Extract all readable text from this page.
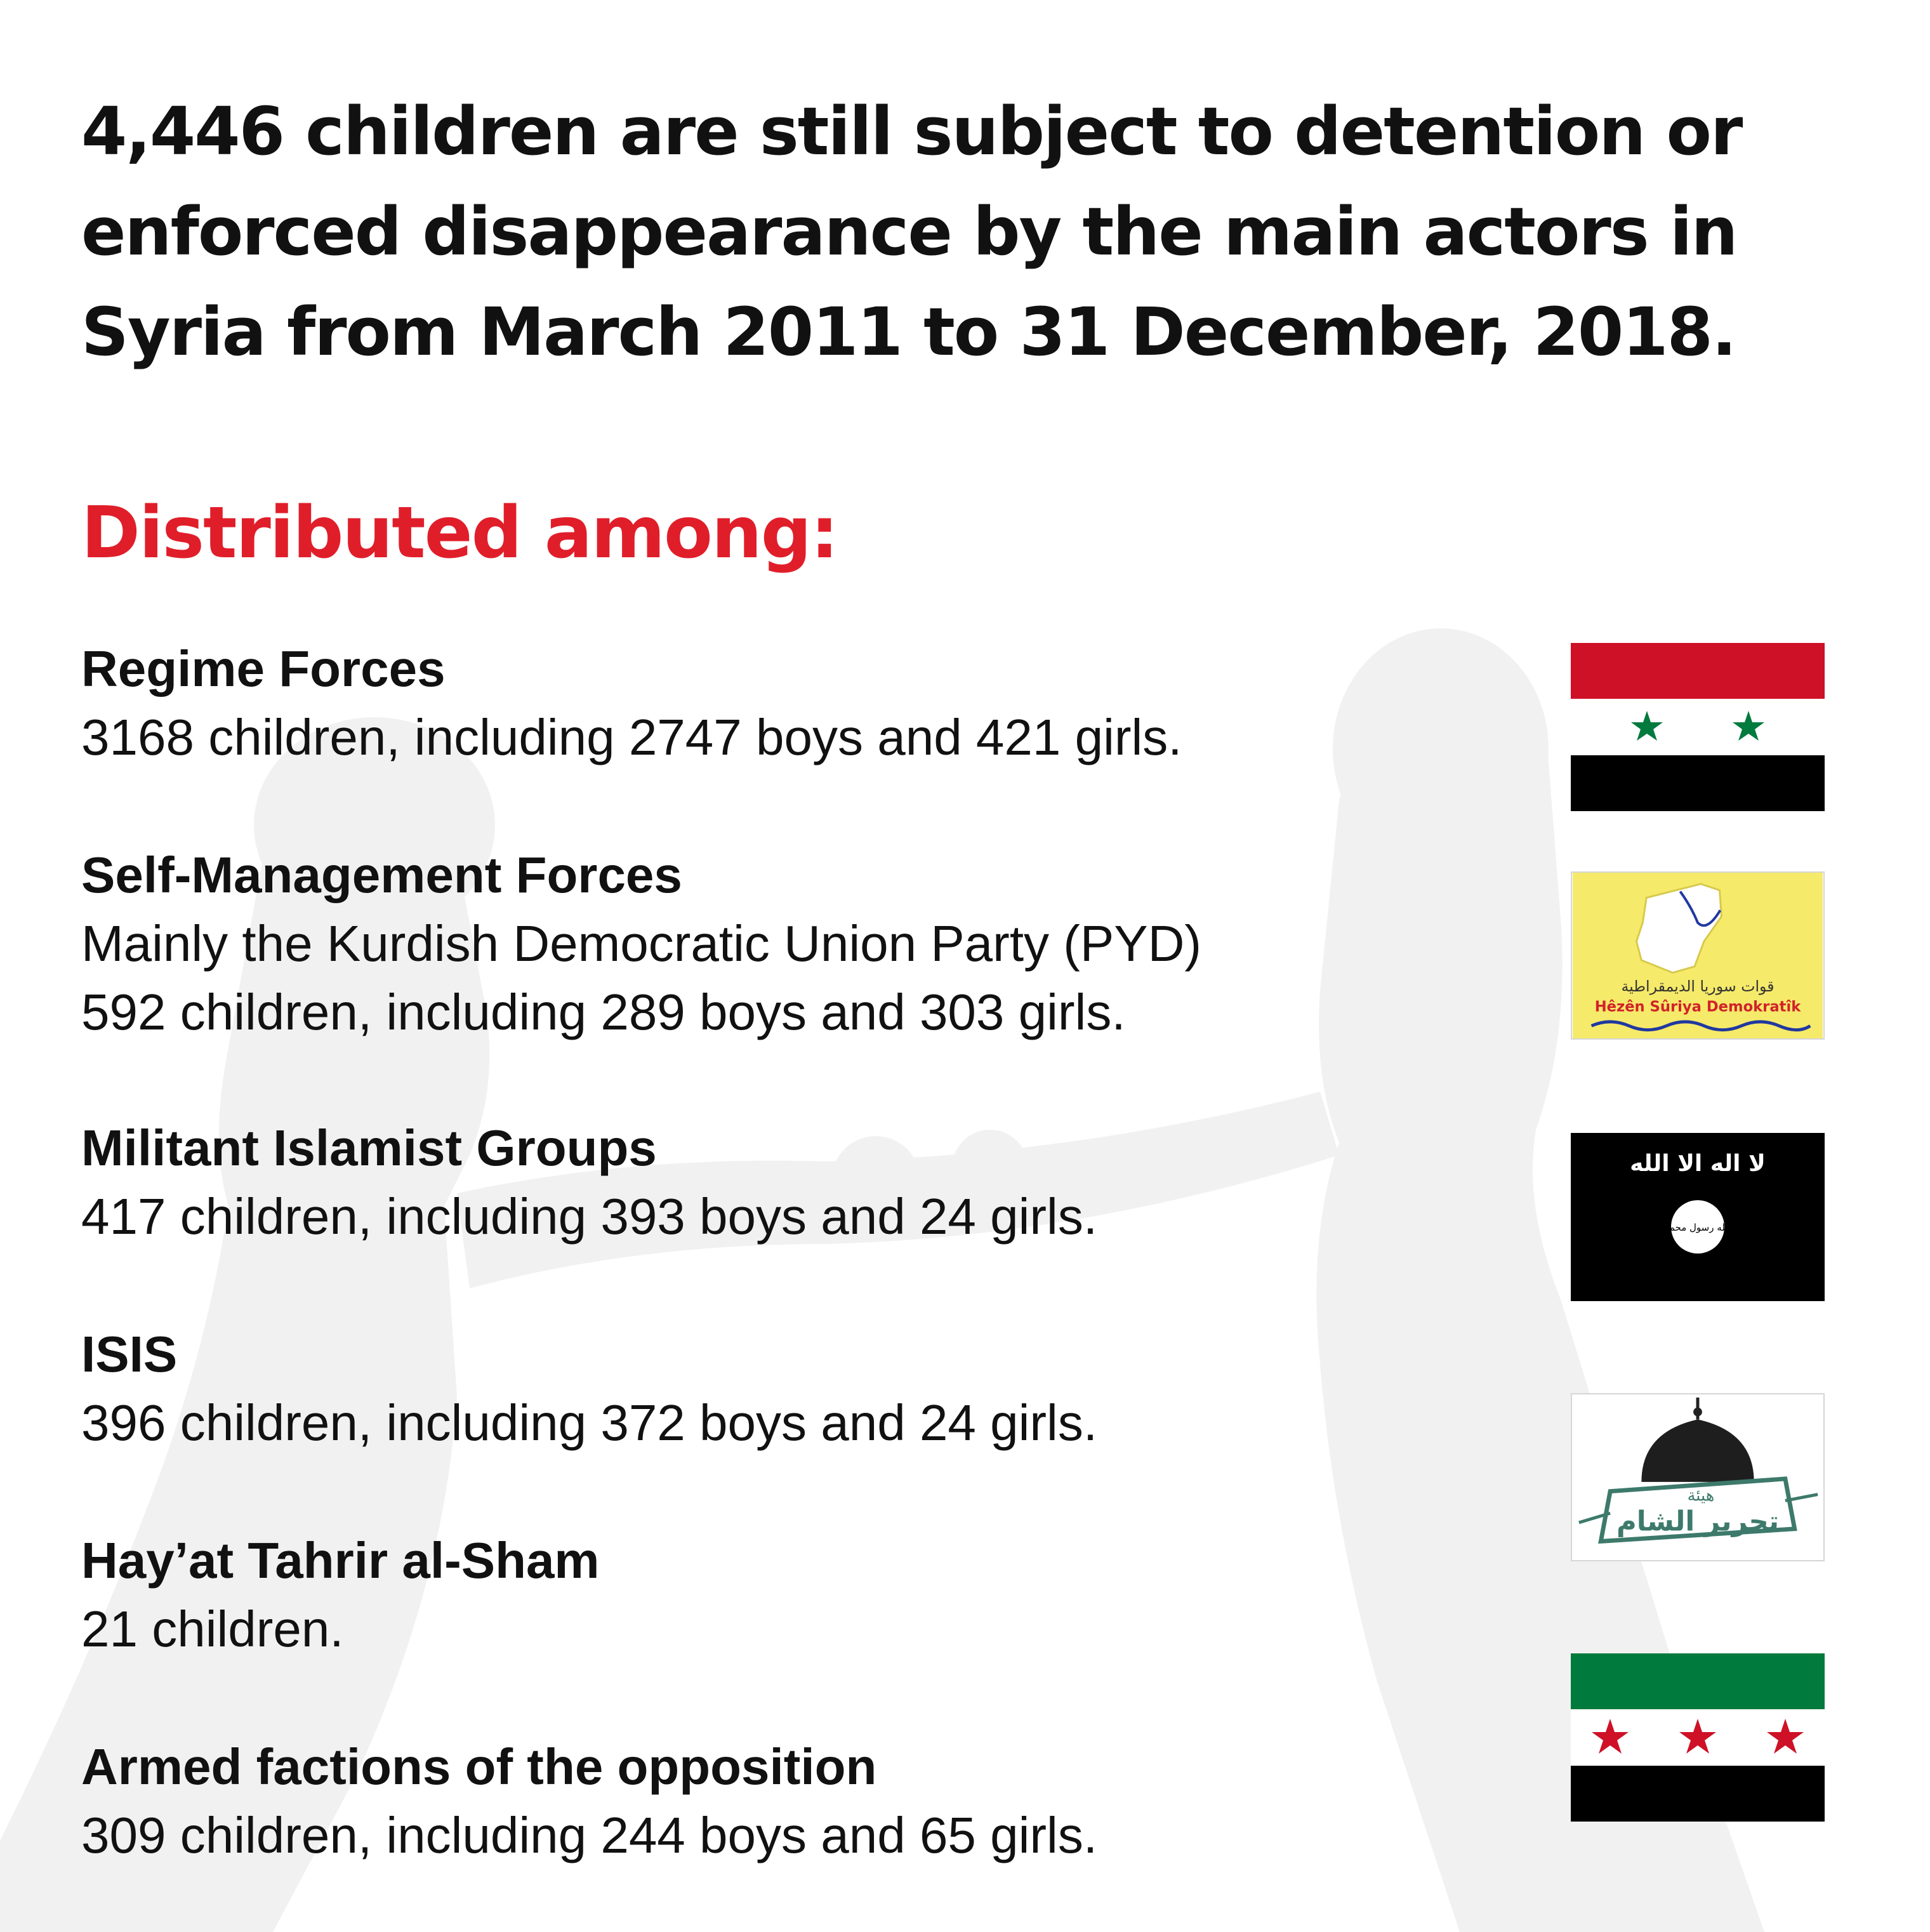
4,446 children are still subject to detention or
enforced disappearance by the main actors in
Syria from March 2011 to 31 December, 2018.
Distributed among:
Regime Forces
3168 children, including 2747 boys and 421 girls.
Self-Management Forces
Mainly the Kurdish Democratic Union Party (PYD)
592 children, including 289 boys and 303 girls.
Militant Islamist Groups
417 children, including 393 boys and 24 girls.
ISIS
396 children, including 372 boys and 24 girls.
Hay’at Tahrir al-Sham
21 children.
Armed factions of the opposition
309 children, including 244 boys and 65 girls.
قوات سوريا الديمقراطية
Hêzên Sûriya Demokratîk
لا اله الا الله
الله رسول محمد
هيئة
تحرير الشام
